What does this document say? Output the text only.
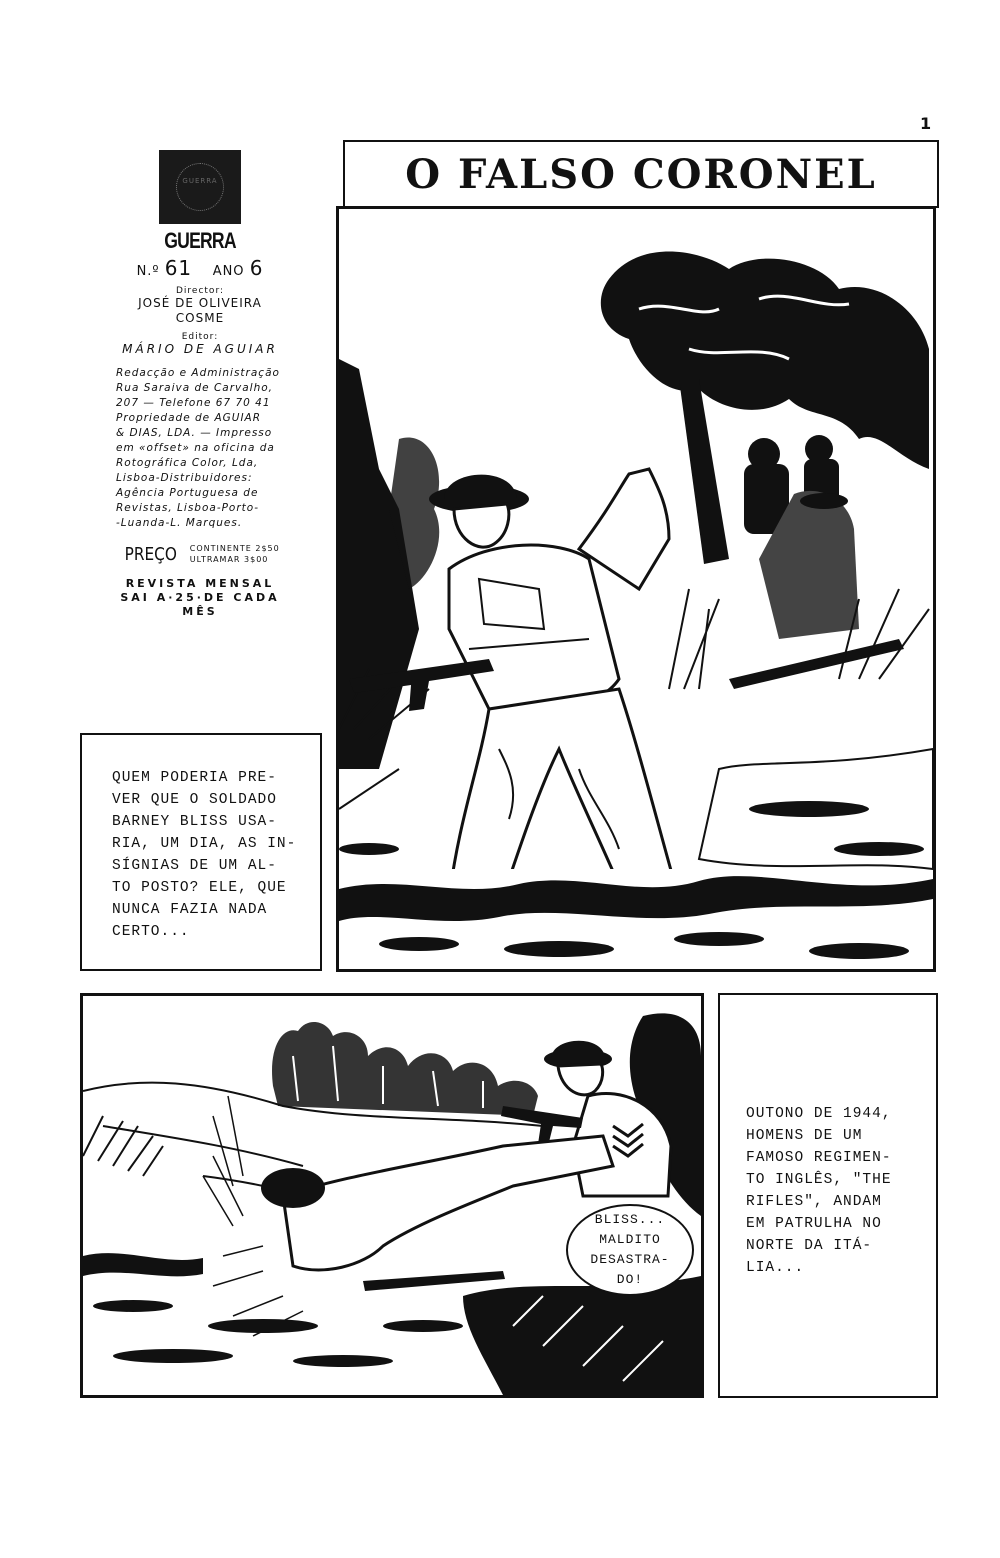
1
GUERRA
GUERRA
N.º 61 ANO 6
Director:
JOSÉ DE OLIVEIRA
COSME
Editor:
MÁRIO DE AGUIAR
Redacção e Administração
Rua Saraiva de Carvalho,
207 — Telefone 67 70 41
Propriedade de AGUIAR
& DIAS, LDA. — Impresso
em «offset» na oficina da
Rotográfica Color, Lda,
Lisboa-Distribuidores:
Agência Portuguesa de
Revistas, Lisboa-Porto-
-Luanda-L. Marques.
PREÇO CONTINENTE 2$50
ULTRAMAR 3$00
REVISTA MENSAL
SAI A·25·DE CADA
MÊS
O FALSO CORONEL
QUEM PODERIA PRE-
VER QUE O SOLDADO
BARNEY BLISS USA-
RIA, UM DIA, AS IN-
SÍGNIAS DE UM AL-
TO POSTO? ELE, QUE
NUNCA FAZIA NADA
CERTO...
BLISS...
MALDITO
DESASTRA-
DO!
OUTONO DE 1944,
HOMENS DE UM
FAMOSO REGIMEN-
TO INGLÊS, "THE
RIFLES", ANDAM
EM PATRULHA NO
NORTE DA ITÁ-
LIA...
